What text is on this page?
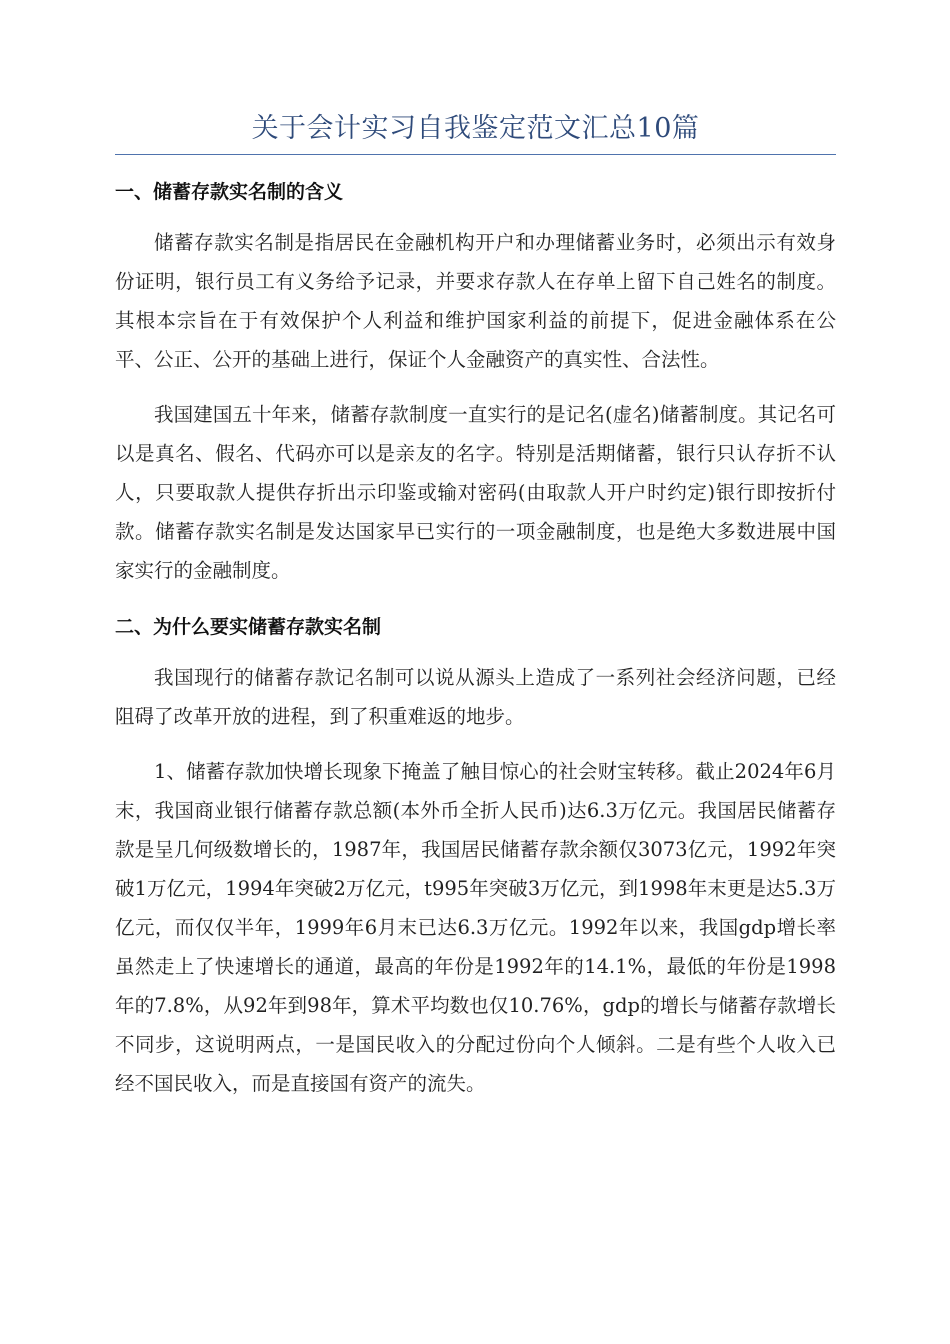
关于会计实习自我鉴定范文汇总10篇
一、储蓄存款实名制的含义

储蓄存款实名制是指居民在金融机构开户和办理储蓄业务时，必须出示有效身份证明，银行员工有义务给予记录，并要求存款人在存单上留下自己姓名的制度。其根本宗旨在于有效保护个人利益和维护国家利益的前提下，促进金融体系在公平、公正、公开的基础上进行，保证个人金融资产的真实性、合法性。

我国建国五十年来，储蓄存款制度一直实行的是记名(虚名)储蓄制度。其记名可以是真名、假名、代码亦可以是亲友的名字。特别是活期储蓄，银行只认存折不认人，只要取款人提供存折出示印鉴或输对密码(由取款人开户时约定)银行即按折付款。储蓄存款实名制是发达国家早已实行的一项金融制度，也是绝大多数进展中国家实行的金融制度。

二、为什么要实储蓄存款实名制

我国现行的储蓄存款记名制可以说从源头上造成了一系列社会经济问题，已经阻碍了改革开放的进程，到了积重难返的地步。

1、储蓄存款加快增长现象下掩盖了触目惊心的社会财宝转移。截止2024年6月末，我国商业银行储蓄存款总额(本外币全折人民币)达6.3万亿元。我国居民储蓄存款是呈几何级数增长的，1987年，我国居民储蓄存款余额仅3073亿元，1992年突破1万亿元，1994年突破2万亿元，t995年突破3万亿元，到1998年末更是达5.3万亿元，而仅仅半年，1999年6月末已达6.3万亿元。1992年以来，我国gdp增长率虽然走上了快速增长的通道，最高的年份是1992年的14.1%，最低的年份是1998年的7.8%，从92年到98年，算术平均数也仅10.76%，gdp的增长与储蓄存款增长不同步，这说明两点，一是国民收入的分配过份向个人倾斜。二是有些个人收入已经不国民收入，而是直接国有资产的流失。
